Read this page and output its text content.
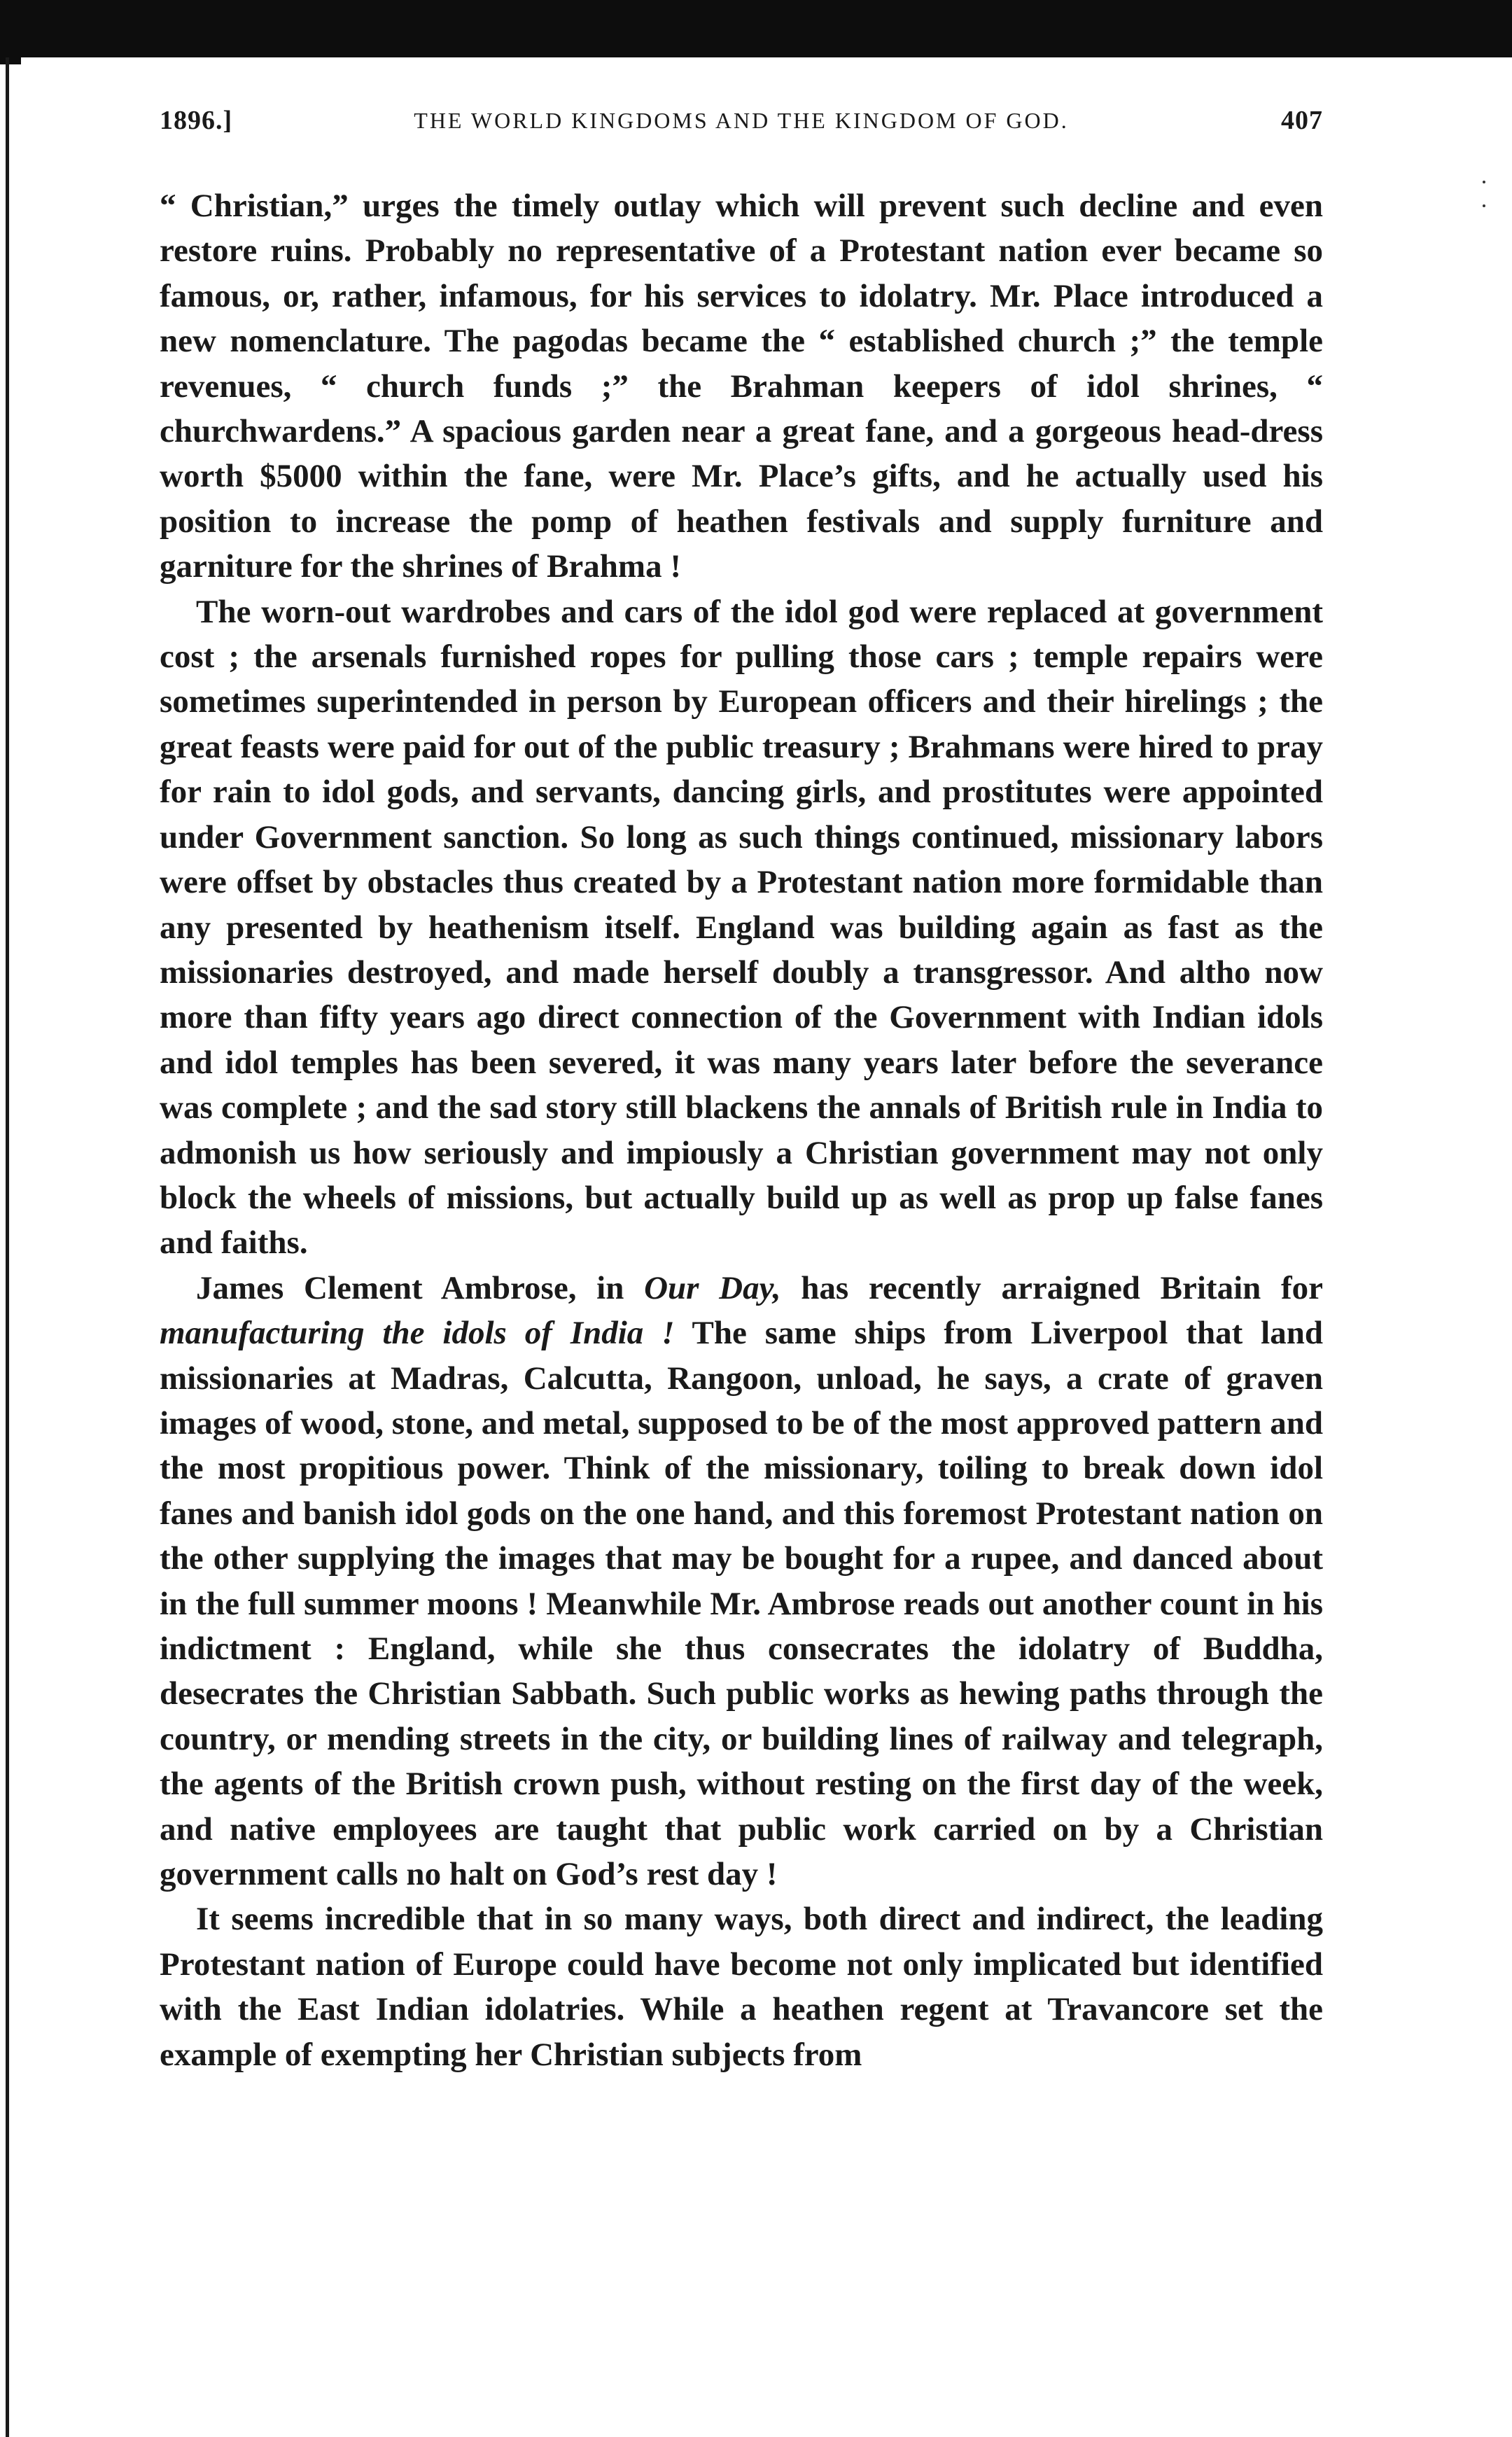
1896.]	THE WORLD KINGDOMS AND THE KINGDOM OF GOD.	407

“ Christian,” urges the timely outlay which will prevent such decline and even restore ruins. Probably no representative of a Protestant nation ever became so famous, or, rather, infamous, for his services to idolatry. Mr. Place introduced a new nomenclature. The pagodas became the “ established church ;” the temple revenues, “ church funds ;” the Brahman keepers of idol shrines, “ churchwardens.” A spacious garden near a great fane, and a gorgeous head-dress worth $5000 within the fane, were Mr. Place’s gifts, and he actually used his position to increase the pomp of heathen festivals and supply furniture and garniture for the shrines of Brahma !

The worn-out wardrobes and cars of the idol god were replaced at government cost ; the arsenals furnished ropes for pulling those cars ; temple repairs were sometimes superintended in person by European officers and their hirelings ; the great feasts were paid for out of the public treasury ; Brahmans were hired to pray for rain to idol gods, and servants, dancing girls, and prostitutes were appointed under Government sanction. So long as such things continued, missionary labors were offset by obstacles thus created by a Protestant nation more formidable than any presented by heathenism itself. England was building again as fast as the missionaries destroyed, and made herself doubly a transgressor. And altho now more than fifty years ago direct connection of the Government with Indian idols and idol temples has been severed, it was many years later before the severance was complete ; and the sad story still blackens the annals of British rule in India to admonish us how seriously and impiously a Christian government may not only block the wheels of missions, but actually build up as well as prop up false fanes and faiths.

James Clement Ambrose, in Our Day, has recently arraigned Britain for manufacturing the idols of India ! The same ships from Liverpool that land missionaries at Madras, Calcutta, Rangoon, unload, he says, a crate of graven images of wood, stone, and metal, supposed to be of the most approved pattern and the most propitious power. Think of the missionary, toiling to break down idol fanes and banish idol gods on the one hand, and this foremost Protestant nation on the other supplying the images that may be bought for a rupee, and danced about in the full summer moons ! Meanwhile Mr. Ambrose reads out another count in his indictment : England, while she thus consecrates the idolatry of Buddha, desecrates the Christian Sabbath. Such public works as hewing paths through the country, or mending streets in the city, or building lines of railway and telegraph, the agents of the British crown push, without resting on the first day of the week, and native employees are taught that public work carried on by a Christian government calls no halt on God’s rest day !

It seems incredible that in so many ways, both direct and indirect, the leading Protestant nation of Europe could have become not only implicated but identified with the East Indian idolatries. While a heathen regent at Travancore set the example of exempting her Christian subjects from
